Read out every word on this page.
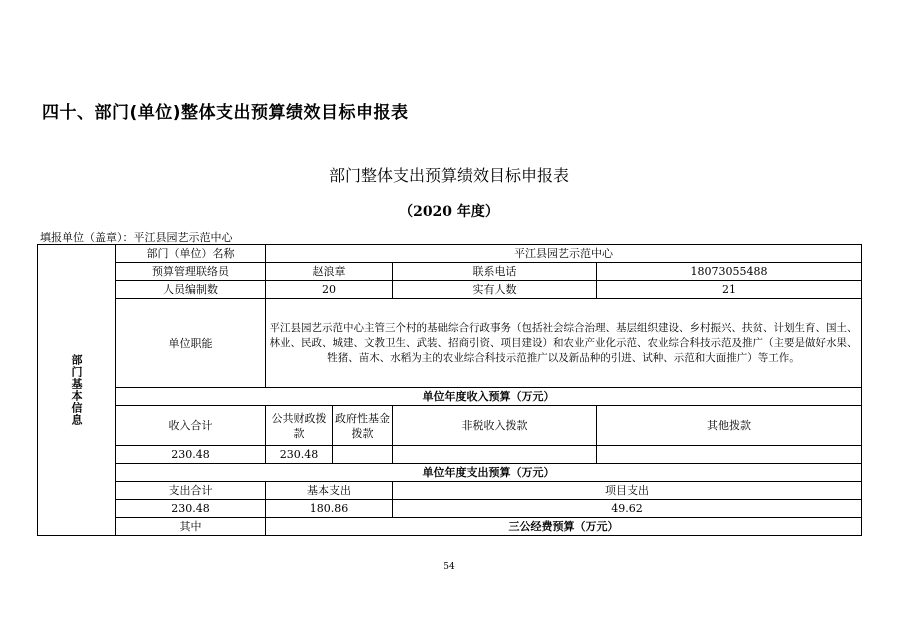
四十、部门(单位)整体支出预算绩效目标申报表
部门整体支出预算绩效目标申报表
（2020 年度）
填报单位（盖章）：平江县园艺示范中心
部门基本信息	部门（单位）名称	平江县园艺示范中心			
	预算管理联络员	赵浪章		联系电话	18073055488
	人员编制数	20		实有人数	21
	单位职能	平江县园艺示范中心主管三个村的基础综合行政事务（包括社会综合治理、基层组织建设、乡村振兴、扶贫、计划生育、国土、林业、民政、城建、文教卫生、武装、招商引资、项目建设）和农业产业化示范、农业综合科技示范及推广（主要是做好水果、牲猪、苗木、水稻为主的农业综合科技示范推广以及新品种的引进、试种、示范和大面推广）等工作。			
	单位年度收入预算（万元）				
	收入合计	公共财政拨款	政府性基金拨款	非税收入拨款	其他拨款
	230.48	230.48			
	单位年度支出预算（万元）				
	支出合计	基本支出		项目支出	
	230.48	180.86		49.62	
	其中	三公经费预算（万元）			
54
